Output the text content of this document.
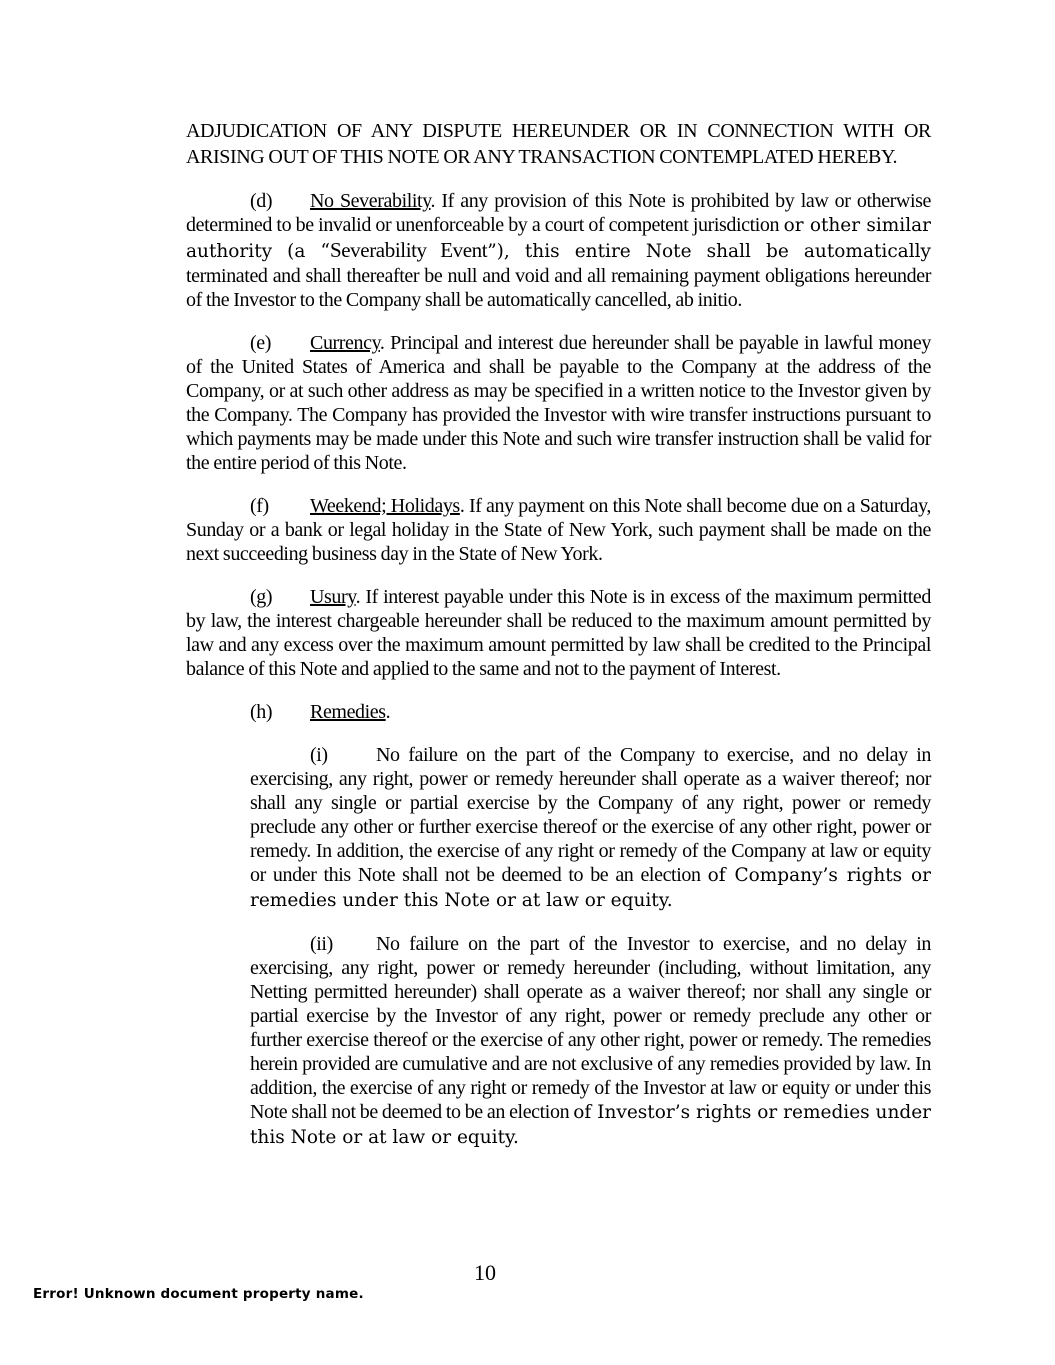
ADJUDICATION OF ANY DISPUTE HEREUNDER OR IN CONNECTION WITH OR ARISING OUT OF THIS NOTE OR ANY TRANSACTION CONTEMPLATED HEREBY.

(d) No Severability. If any provision of this Note is prohibited by law or otherwise determined to be invalid or unenforceable by a court of competent jurisdiction or other similar authority (a “Severability Event”), this entire Note shall be automatically terminated and shall thereafter be null and void and all remaining payment obligations hereunder of the Investor to the Company shall be automatically cancelled, ab initio.

(e) Currency. Principal and interest due hereunder shall be payable in lawful money of the United States of America and shall be payable to the Company at the address of the Company, or at such other address as may be specified in a written notice to the Investor given by the Company. The Company has provided the Investor with wire transfer instructions pursuant to which payments may be made under this Note and such wire transfer instruction shall be valid for the entire period of this Note.

(f) Weekend; Holidays. If any payment on this Note shall become due on a Saturday, Sunday or a bank or legal holiday in the State of New York, such payment shall be made on the next succeeding business day in the State of New York.

(g) Usury. If interest payable under this Note is in excess of the maximum permitted by law, the interest chargeable hereunder shall be reduced to the maximum amount permitted by law and any excess over the maximum amount permitted by law shall be credited to the Principal balance of this Note and applied to the same and not to the payment of Interest.

(h) Remedies.

(i) No failure on the part of the Company to exercise, and no delay in exercising, any right, power or remedy hereunder shall operate as a waiver thereof; nor shall any single or partial exercise by the Company of any right, power or remedy preclude any other or further exercise thereof or the exercise of any other right, power or remedy. In addition, the exercise of any right or remedy of the Company at law or equity or under this Note shall not be deemed to be an election of Company’s rights or remedies under this Note or at law or equity.

(ii) No failure on the part of the Investor to exercise, and no delay in exercising, any right, power or remedy hereunder (including, without limitation, any Netting permitted hereunder) shall operate as a waiver thereof; nor shall any single or partial exercise by the Investor of any right, power or remedy preclude any other or further exercise thereof or the exercise of any other right, power or remedy. The remedies herein provided are cumulative and are not exclusive of any remedies provided by law. In addition, the exercise of any right or remedy of the Investor at law or equity or under this Note shall not be deemed to be an election of Investor’s rights or remedies under this Note or at law or equity.

10
Error! Unknown document property name.
